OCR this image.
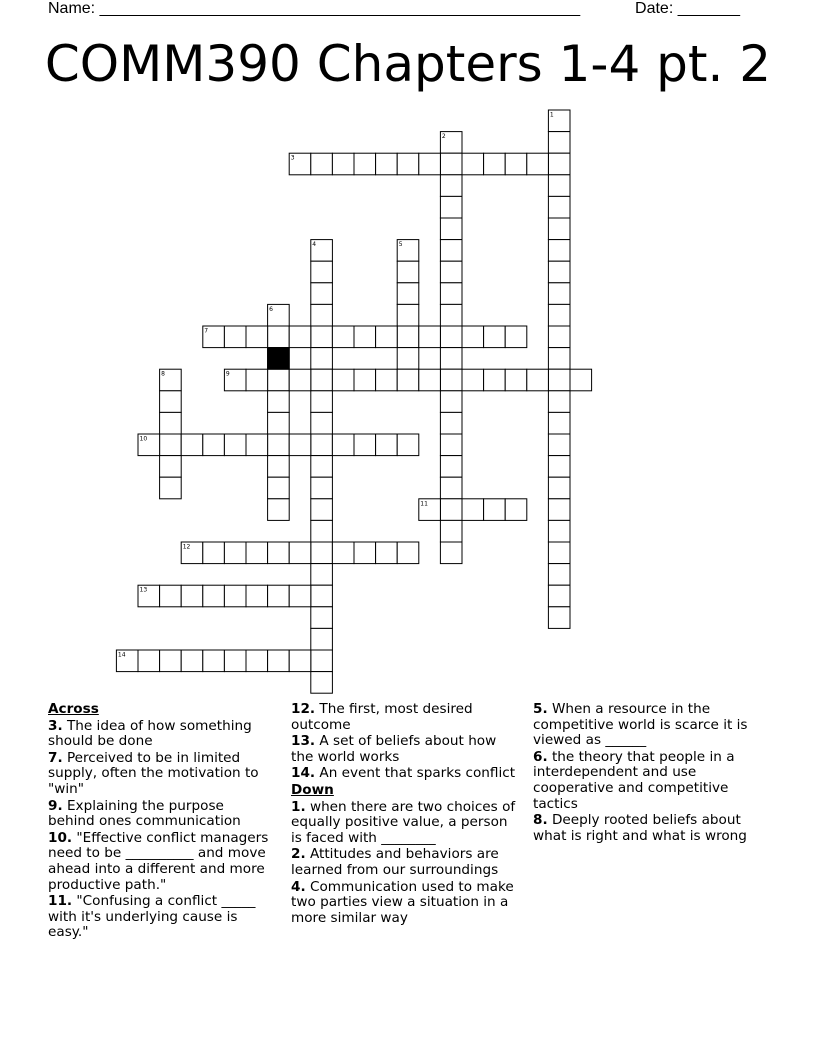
Name: ______________________________________________________	Date: _______
COMM390 Chapters 1-4 pt. 2
1
2
3
4	5
6
7
8	9
10
11
12
13
14
Across
3. The idea of how something should be done
7. Perceived to be in limited supply, often the motivation to "win"
9. Explaining the purpose behind ones communication
10. "Effective conflict managers need to be __________ and move ahead into a different and more productive path."
11. "Confusing a conflict _____ with it's underlying cause is easy."
12. The first, most desired outcome
13. A set of beliefs about how the world works
14. An event that sparks conflict
Down
1. when there are two choices of equally positive value, a person is faced with ________
2. Attitudes and behaviors are learned from our surroundings
4. Communication used to make two parties view a situation in a more similar way
5. When a resource in the competitive world is scarce it is viewed as ______
6. the theory that people in a interdependent and use cooperative and competitive tactics
8. Deeply rooted beliefs about what is right and what is wrong
